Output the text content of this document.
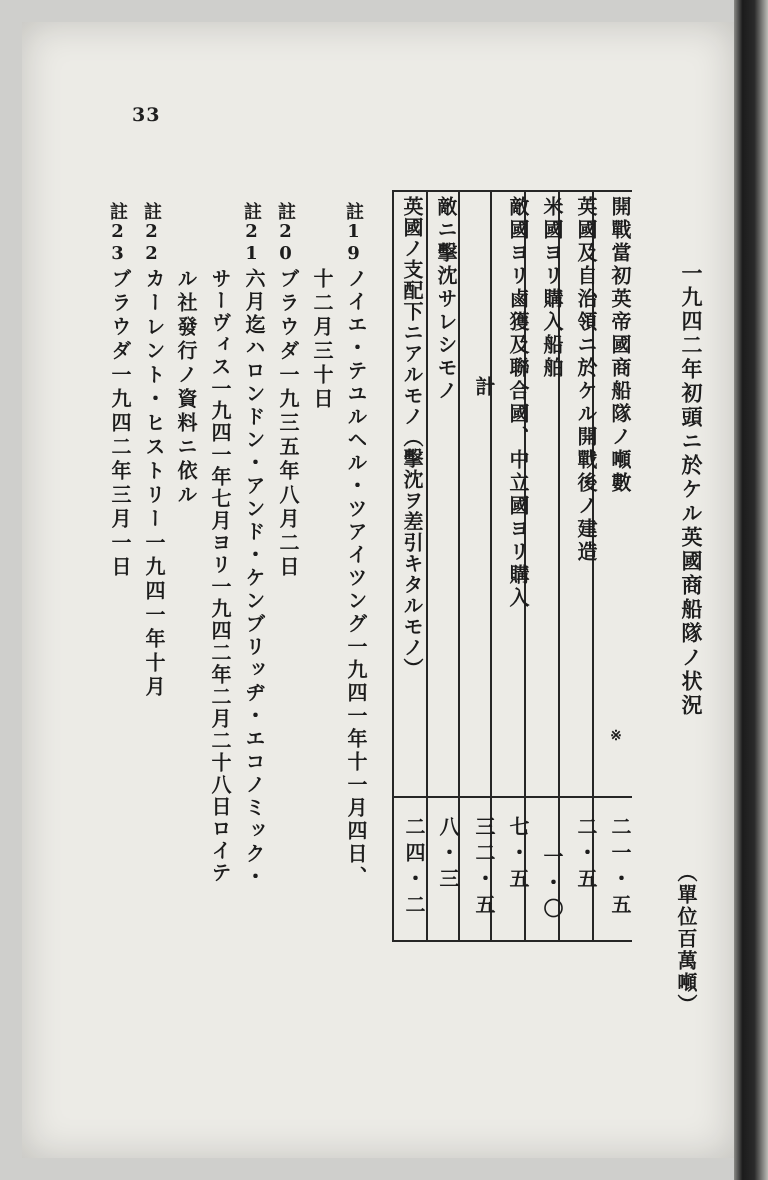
33
一九四二年初頭ニ於ケル英國商船隊ノ状況
（單位百萬噸）
開戰當初英帝國商船隊ノ噸數
※
二一・五
英國及自治領ニ於ケル開戰後ノ建造
二・五
米國ヨリ購入船舶
一・〇
敵國ヨリ鹵獲及聯合國、中立國ヨリ購入
七・五
計
三二・五
敵ニ擊沈サレシモノ
八・三
英國ノ支配下ニアルモノ（擊沈ヲ差引キタルモノ）
二四・二
註19
ノイエ・テユルヘル・ツアイツング一九四一年十一月四日、
十二月三十日
註20
ブラウダ一九三五年八月二日
註21
六月迄ハロンドン・アンド・ケンブリッヂ・エコノミック・
サーヴィス一九四一年七月ヨリ一九四二年二月二十八日ロイテ
ル社發行ノ資料ニ依ル
註22
カーレント・ヒストリー一九四一年十月
註23
ブラウダ一九四二年三月一日
